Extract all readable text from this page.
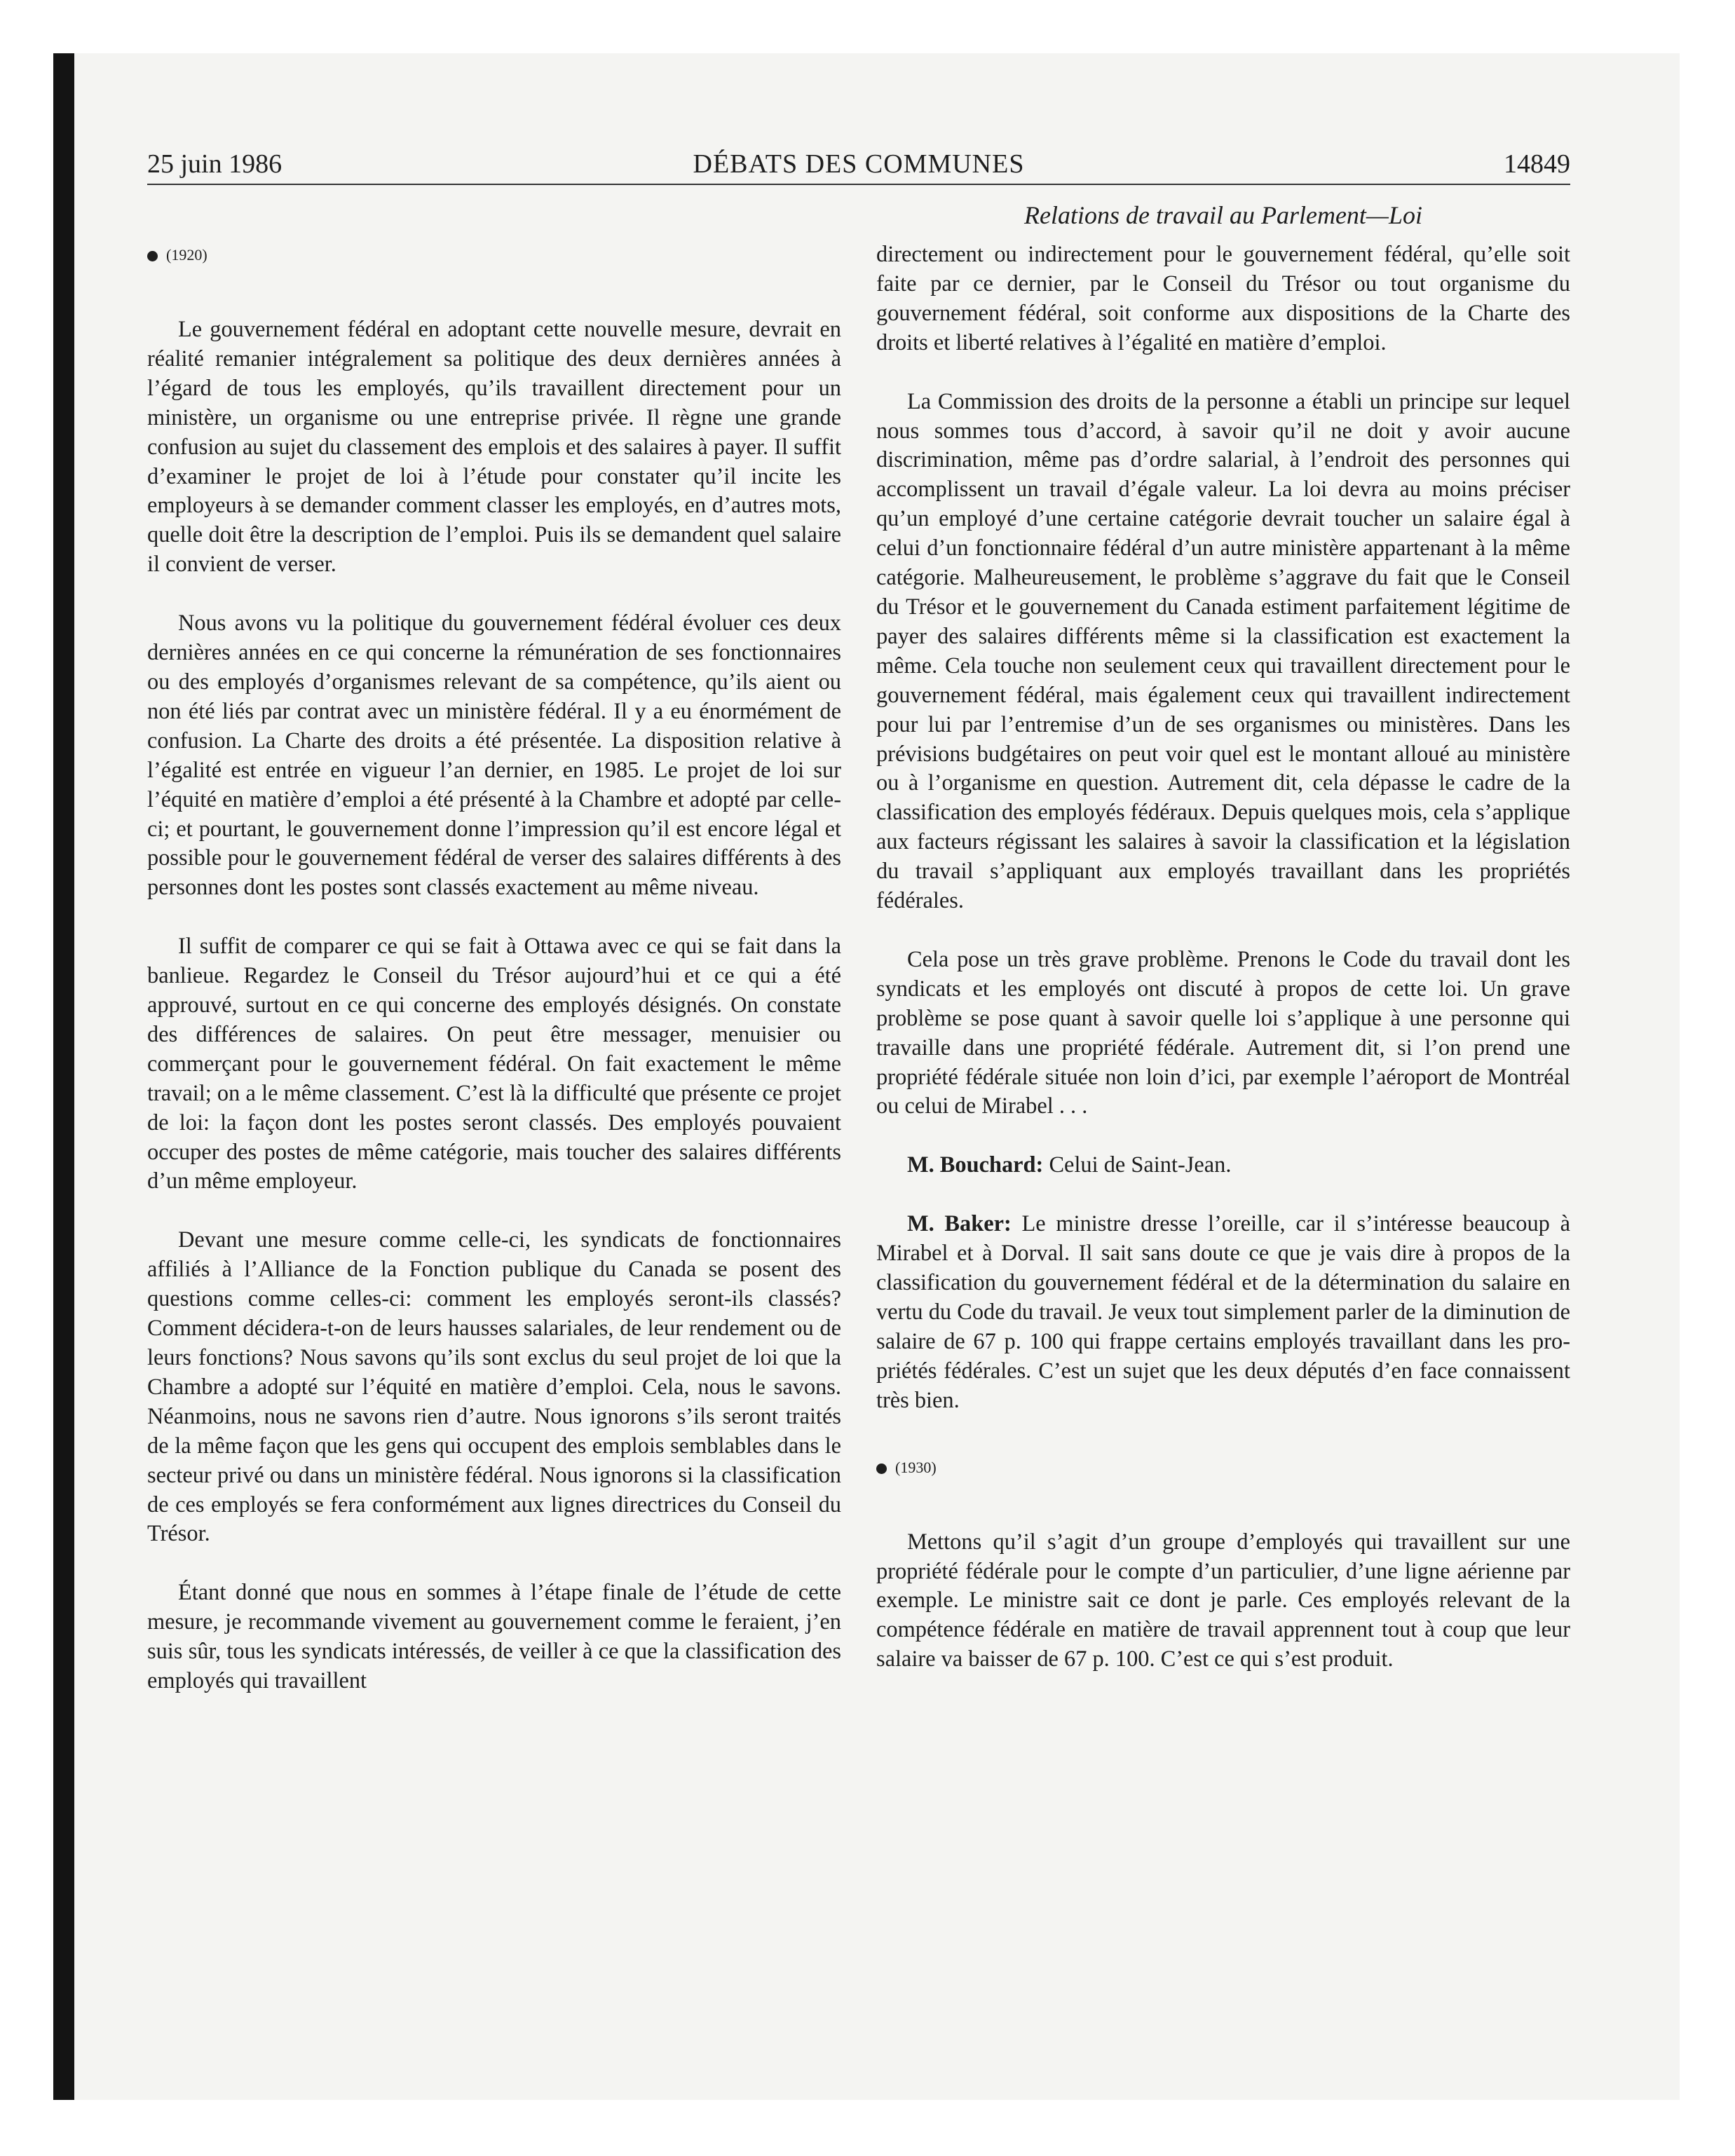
25 juin 1986	DÉBATS DES COMMUNES	14849
Relations de travail au Parlement—Loi
(1920)

Le gouvernement fédéral en adoptant cette nouvelle mesure, devrait en réalité remanier intégralement sa politique des deux dernières années à l’égard de tous les employés, qu’ils travaillent directement pour un ministère, un organisme ou une entreprise privée. Il règne une grande confusion au sujet du classement des emplois et des salaires à payer. Il suffit d’examiner le projet de loi à l’étude pour constater qu’il incite les employeurs à se demander comment classer les employés, en d’autres mots, quelle doit être la description de l’emploi. Puis ils se demandent quel salaire il convient de verser.

Nous avons vu la politique du gouvernement fédéral évoluer ces deux dernières années en ce qui concerne la rémunération de ses fonctionnaires ou des employés d’organismes relevant de sa compétence, qu’ils aient ou non été liés par contrat avec un ministère fédéral. Il y a eu énormément de confusion. La Charte des droits a été présentée. La disposition relative à l’égalité est entrée en vigueur l’an dernier, en 1985. Le projet de loi sur l’équité en matière d’emploi a été présenté à la Chambre et adopté par celle-ci; et pourtant, le gouvernement donne l’impression qu’il est encore légal et possible pour le gouvernement fédéral de verser des salaires différents à des personnes dont les postes sont classés exactement au même niveau.

Il suffit de comparer ce qui se fait à Ottawa avec ce qui se fait dans la banlieue. Regardez le Conseil du Trésor aujourd’hui et ce qui a été approuvé, surtout en ce qui concerne des employés désignés. On constate des différences de salaires. On peut être messager, menuisier ou commerçant pour le gouvernement fédéral. On fait exactement le même travail; on a le même classement. C’est là la difficulté que présente ce projet de loi: la façon dont les postes seront classés. Des employés pouvaient occuper des postes de même catégorie, mais toucher des salaires différents d’un même employeur.

Devant une mesure comme celle-ci, les syndicats de fonctionnaires affiliés à l’Alliance de la Fonction publique du Canada se posent des questions comme celles-ci: comment les employés seront-ils classés? Comment décidera-t-on de leurs hausses salariales, de leur rendement ou de leurs fonctions? Nous savons qu’ils sont exclus du seul projet de loi que la Chambre a adopté sur l’équité en matière d’emploi. Cela, nous le savons. Néanmoins, nous ne savons rien d’autre. Nous ignorons s’ils seront traités de la même façon que les gens qui occupent des emplois semblables dans le secteur privé ou dans un ministère fédéral. Nous ignorons si la classification de ces employés se fera conformément aux lignes directrices du Conseil du Trésor.

Étant donné que nous en sommes à l’étape finale de l’étude de cette mesure, je recommande vivement au gouvernement comme le feraient, j’en suis sûr, tous les syndicats intéressés, de veiller à ce que la classification des employés qui travaillent

directement ou indirectement pour le gouvernement fédéral, qu’elle soit faite par ce dernier, par le Conseil du Trésor ou tout organisme du gouvernement fédéral, soit conforme aux dispositions de la Charte des droits et liberté relatives à l’égalité en matière d’emploi.

La Commission des droits de la personne a établi un principe sur lequel nous sommes tous d’accord, à savoir qu’il ne doit y avoir aucune discrimination, même pas d’ordre salarial, à l’endroit des personnes qui accomplissent un travail d’égale valeur. La loi devra au moins préciser qu’un employé d’une certaine catégorie devrait toucher un salaire égal à celui d’un fonctionnaire fédéral d’un autre ministère appartenant à la même catégorie. Malheureusement, le problème s’aggrave du fait que le Conseil du Trésor et le gouvernement du Canada estiment parfaitement légitime de payer des salaires différents même si la classification est exactement la même. Cela touche non seulement ceux qui travaillent directement pour le gouvernement fédéral, mais également ceux qui travaillent indirectement pour lui par l’entremise d’un de ses organismes ou ministères. Dans les prévisions budgétaires on peut voir quel est le montant alloué au ministère ou à l’organisme en question. Autrement dit, cela dépasse le cadre de la classification des employés fédéraux. Depuis quelques mois, cela s’applique aux facteurs régissant les salaires à savoir la classification et la législation du travail s’appliquant aux employés travaillant dans les propriétés fédérales.

Cela pose un très grave problème. Prenons le Code du travail dont les syndicats et les employés ont discuté à propos de cette loi. Un grave problème se pose quant à savoir quelle loi s’applique à une personne qui travaille dans une propriété fédérale. Autrement dit, si l’on prend une propriété fédérale située non loin d’ici, par exemple l’aéroport de Montréal ou celui de Mirabel . . .

M. Bouchard: Celui de Saint-Jean.

M. Baker: Le ministre dresse l’oreille, car il s’intéresse beaucoup à Mirabel et à Dorval. Il sait sans doute ce que je vais dire à propos de la classification du gouvernement fédéral et de la détermination du salaire en vertu du Code du travail. Je veux tout simplement parler de la diminution de salaire de 67 p. 100 qui frappe certains employés travaillant dans les propriétés fédérales. C’est un sujet que les deux députés d’en face connaissent très bien.

(1930)

Mettons qu’il s’agit d’un groupe d’employés qui travaillent sur une propriété fédérale pour le compte d’un particulier, d’une ligne aérienne par exemple. Le ministre sait ce dont je parle. Ces employés relevant de la compétence fédérale en matière de travail apprennent tout à coup que leur salaire va baisser de 67 p. 100. C’est ce qui s’est produit.
